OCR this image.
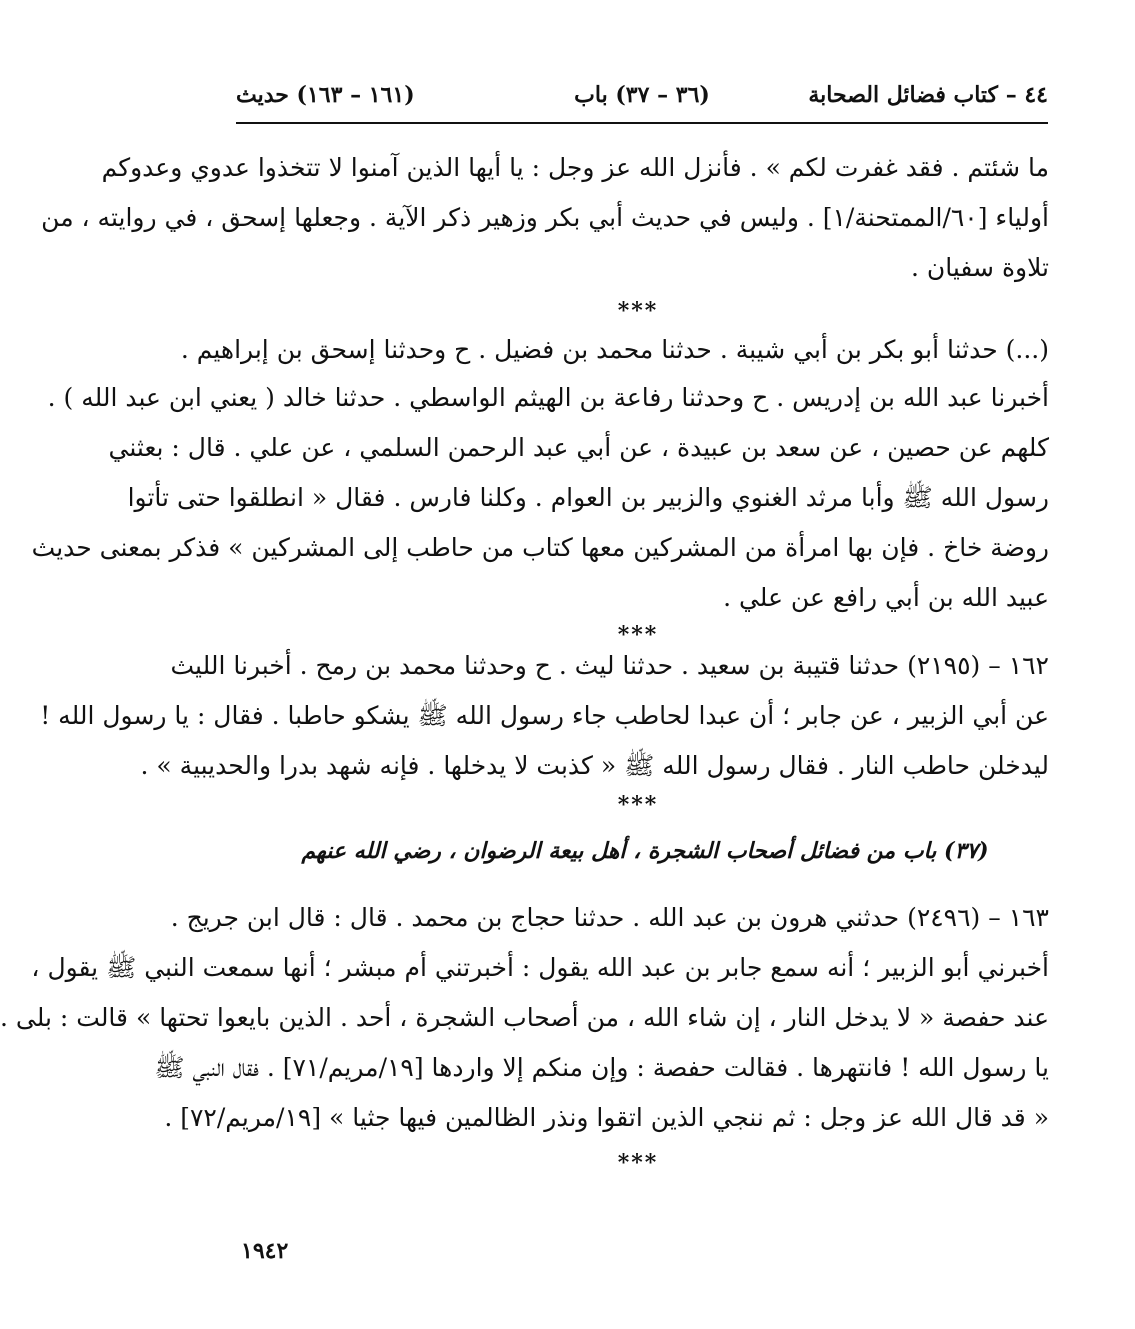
٤٤ – كتاب فضائل الصحابة
(٣٦ – ٣٧) باب
(١٦١ – ١٦٣) حديث
ما شئتم . فقد غفرت لكم » . فأنزل الله عز وجل : يا أيها الذين آمنوا لا تتخذوا عدوي وعدوكم
أولياء [٦٠/الممتحنة/١] . وليس في حديث أبي بكر وزهير ذكر الآية . وجعلها إسحق ، في روايته ، من
تلاوة سفيان .
***
(...) حدثنا أبو بكر بن أبي شيبة . حدثنا محمد بن فضيل . ح وحدثنا إسحق بن إبراهيم .
أخبرنا عبد الله بن إدريس . ح وحدثنا رفاعة بن الهيثم الواسطي . حدثنا خالد ( يعني ابن عبد الله ) .
كلهم عن حصين ، عن سعد بن عبيدة ، عن أبي عبد الرحمن السلمي ، عن علي . قال : بعثني
رسول الله ﷺ وأبا مرثد الغنوي والزبير بن العوام . وكلنا فارس . فقال « انطلقوا حتى تأتوا
روضة خاخ . فإن بها امرأة من المشركين معها كتاب من حاطب إلى المشركين » فذكر بمعنى حديث
عبيد الله بن أبي رافع عن علي .
***
١٦٢ – (٢١٩٥) حدثنا قتيبة بن سعيد . حدثنا ليث . ح وحدثنا محمد بن رمح . أخبرنا الليث
عن أبي الزبير ، عن جابر ؛ أن عبدا لحاطب جاء رسول الله ﷺ يشكو حاطبا . فقال : يا رسول الله !
ليدخلن حاطب النار . فقال رسول الله ﷺ « كذبت لا يدخلها . فإنه شهد بدرا والحديبية » .
***
(٣٧) باب من فضائل أصحاب الشجرة ، أهل بيعة الرضوان ، رضي الله عنهم
١٦٣ – (٢٤٩٦) حدثني هرون بن عبد الله . حدثنا حجاج بن محمد . قال : قال ابن جريج .
أخبرني أبو الزبير ؛ أنه سمع جابر بن عبد الله يقول : أخبرتني أم مبشر ؛ أنها سمعت النبي ﷺ يقول ،
عند حفصة « لا يدخل النار ، إن شاء الله ، من أصحاب الشجرة ، أحد . الذين بايعوا تحتها » قالت : بلى .
يا رسول الله ! فانتهرها . فقالت حفصة : وإن منكم إلا واردها [١٩/مريم/٧١] . فقال النبي ﷺ
« قد قال الله عز وجل : ثم ننجي الذين اتقوا ونذر الظالمين فيها جثيا » [١٩/مريم/٧٢] .
***
١٩٤٢
